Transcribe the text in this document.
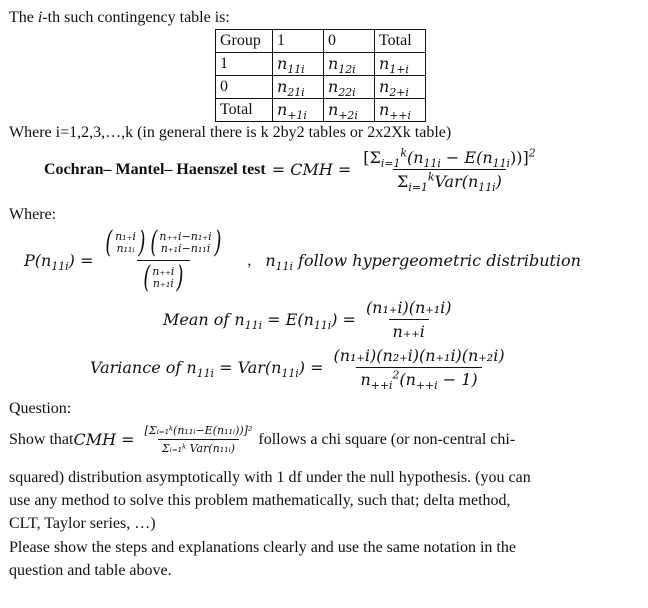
The i-th such contingency table is:
Group	1	0	Total
1	$n_{11i}$	$n_{12i}$	$n_{1+i}$
0	$n_{21i}$	$n_{22i}$	$n_{2+i}$
Total	$n_{+1i}$	$n_{+2i}$	$n_{++i}$
Where i=1,2,3,…,k (in general there is k 2by2 tables or 2x2Xk table)
Cochran– Mantel– Haenszel test = CMH = $\frac{[\Sigma_{i=1}^k(n_{11i} - E(n_{11i}))]^2}{\Sigma_{i=1}^kVar(n_{11i})}$
Where:
$P(n_{11i})$ = ( n₁₊i
n₁₁ᵢ ) ( n₊₊i−n₁₊i
n₊₁i−n₁₁i )
( n₊₊i
n₊₁i ) , $n_{11i}$ follow hypergeometric distribution
Mean of $n_{11i} = E(n_{11i}) = \frac{\text{(n₁₊i)(n₊₁i)}}{n_{++}i}$
Variance of $n_{11i} = Var(n_{11i}) = \frac{\text{(n₁₊i)(n₂₊i)(n₊₁i)(n₊₂i)}}{n_{++i}^2(n_{++i} - 1)}$
Question:
Show that CMH = $\frac{\text{[Σᵢ₌₁ᵏ(n₁₁ᵢ−E(n₁₁ᵢ))]²}}{\text{Σᵢ₌₁ᵏ Var(n₁₁ᵢ)}}$ follows a chi square (or non-central chi-
squared) distribution asymptotically with 1 df under the null hypothesis. (you can
use any method to solve this problem mathematically, such that; delta method,
CLT, Taylor series, …)
Please show the steps and explanations clearly and use the same notation in the
question and table above.
